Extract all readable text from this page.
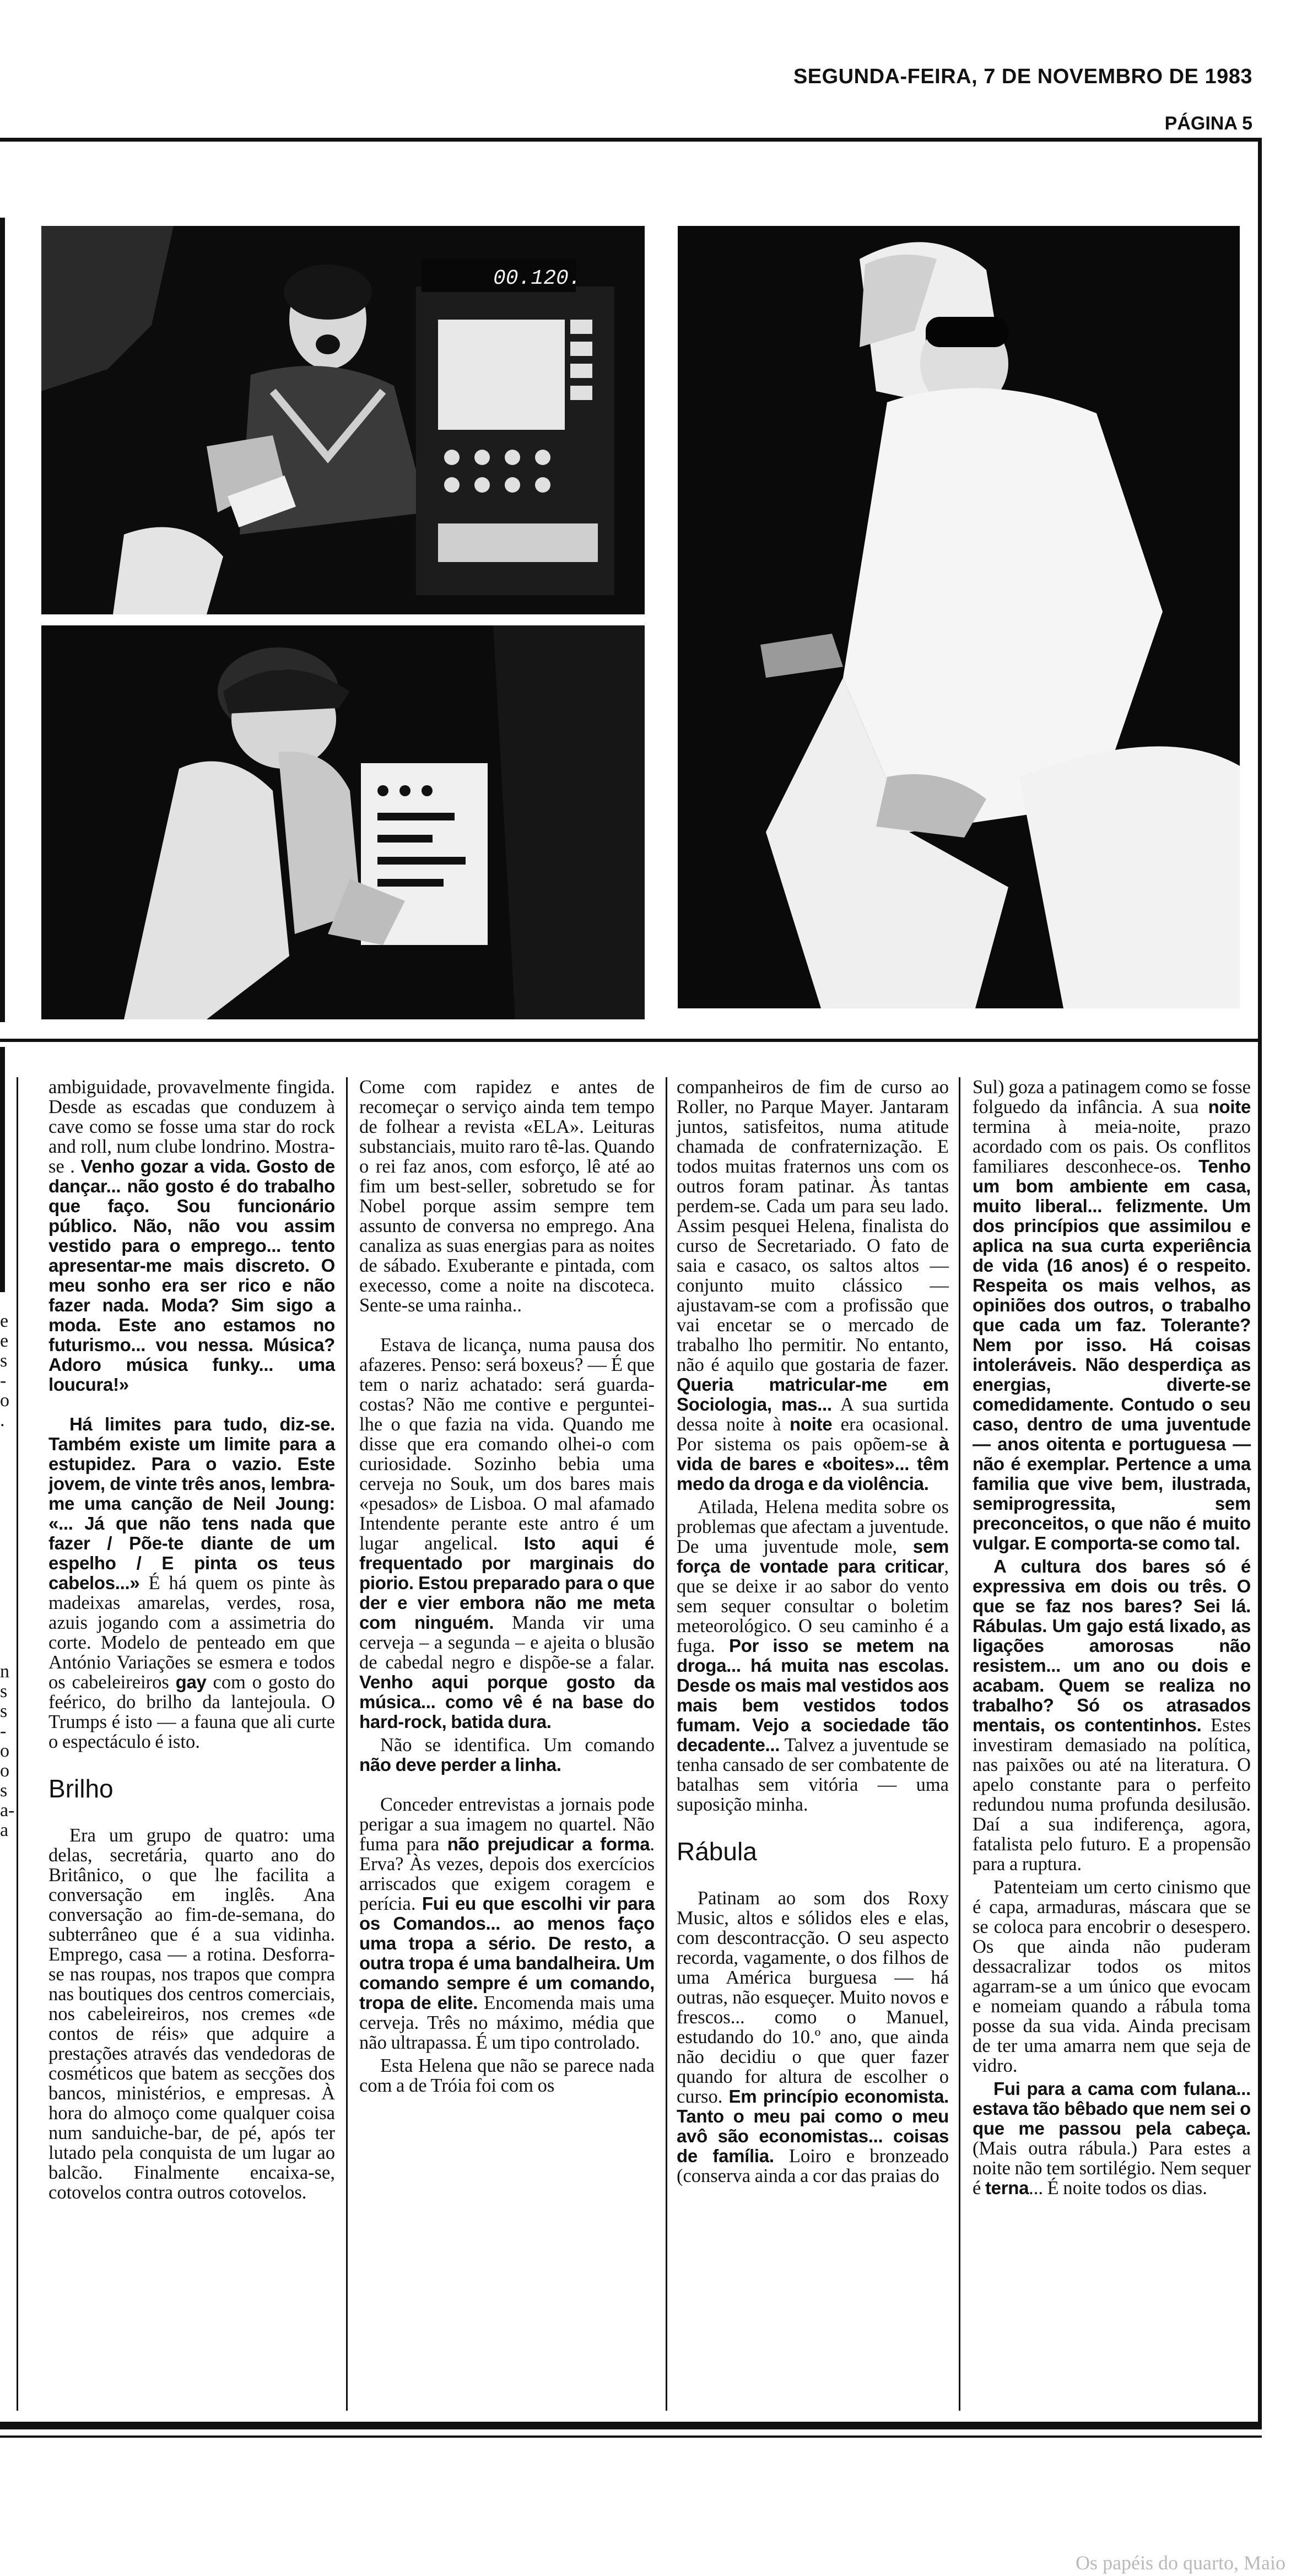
SEGUNDA-FEIRA, 7 DE NOVEMBRO DE 1983
PÁGINA 5
00.120.
e
e
s
-
o
.
n
s
s
-
o
o
s
a-
a

ambiguidade, provavelmente fingida. Desde as escadas que conduzem à cave como se fosse uma star do rock and roll, num clube londrino. Mostra-se . Venho gozar a vida. Gosto de dançar... não gosto é do trabalho que faço. Sou funcionário público. Não, não vou assim vestido para o emprego... tento apresentar-me mais discreto. O meu sonho era ser rico e não fazer nada. Moda? Sim sigo a moda. Este ano estamos no futurismo... vou nessa. Música? Adoro música funky... uma loucura!»

Há limites para tudo, diz-se. Também existe um limite para a estupidez. Para o vazio. Este jovem, de vinte três anos, lembra-me uma canção de Neil Joung: «... Já que não tens nada que fazer / Põe-te diante de um espelho / E pinta os teus cabelos...» É há quem os pinte às madeixas amarelas, verdes, rosa, azuis jogando com a assimetria do corte. Modelo de penteado em que António Variações se esmera e todos os cabeleireiros gay com o gosto do feérico, do brilho da lantejoula. O Trumps é isto — a fauna que ali curte o espectáculo é isto.

Brilho

Era um grupo de quatro: uma delas, secretária, quarto ano do Britânico, o que lhe facilita a conversação em inglês. Ana conversação ao fim-de-semana, do subterrâneo que é a sua vidinha. Emprego, casa — a rotina. Desforra-se nas roupas, nos trapos que compra nas boutiques dos centros comerciais, nos cabeleireiros, nos cremes «de contos de réis» que adquire a prestações através das vendedoras de cosméticos que batem as secções dos bancos, ministérios, e empresas. À hora do almoço come qualquer coisa num sanduiche-bar, de pé, após ter lutado pela conquista de um lugar ao balcão. Finalmente encaixa-se, cotovelos contra outros cotovelos.

Come com rapidez e antes de recomeçar o serviço ainda tem tempo de folhear a revista «ELA». Leituras substanciais, muito raro tê-las. Quando o rei faz anos, com esforço, lê até ao fim um best-seller, sobretudo se for Nobel porque assim sempre tem assunto de conversa no emprego. Ana canaliza as suas energias para as noites de sábado. Exuberante e pintada, com execesso, come a noite na discoteca. Sente-se uma rainha..

Estava de licança, numa pausa dos afazeres. Penso: será boxeus? — É que tem o nariz achatado: será guarda-costas? Não me contive e perguntei-lhe o que fazia na vida. Quando me disse que era comando olhei-o com curiosidade. Sozinho bebia uma cerveja no Souk, um dos bares mais «pesados» de Lisboa. O mal afamado Intendente perante este antro é um lugar angelical. Isto aqui é frequentado por marginais do piorio. Estou preparado para o que der e vier embora não me meta com ninguém. Manda vir uma cerveja – a segunda – e ajeita o blusão de cabedal negro e dispõe-se a falar. Venho aqui porque gosto da música... como vê é na base do hard-rock, batida dura.

Não se identifica. Um comando não deve perder a linha.

Conceder entrevistas a jornais pode perigar a sua imagem no quartel. Não fuma para não prejudicar a forma. Erva? Às vezes, depois dos exercícios arriscados que exigem coragem e perícia. Fui eu que escolhi vir para os Comandos... ao menos faço uma tropa a sério. De resto, a outra tropa é uma bandalheira. Um comando sempre é um comando, tropa de elite. Encomenda mais uma cerveja. Três no máximo, média que não ultrapassa. É um tipo controlado.

Esta Helena que não se parece nada com a de Tróia foi com os

companheiros de fim de curso ao Roller, no Parque Mayer. Jantaram juntos, satisfeitos, numa atitude chamada de confraternização. E todos muitas fraternos uns com os outros foram patinar. Às tantas perdem-se. Cada um para seu lado. Assim pesquei Helena, finalista do curso de Secretariado. O fato de saia e casaco, os saltos altos — conjunto muito clássico — ajustavam-se com a profissão que vai encetar se o mercado de trabalho lho permitir. No entanto, não é aquilo que gostaria de fazer. Queria matricular-me em Sociologia, mas... A sua surtida dessa noite à noite era ocasional. Por sistema os pais opõem-se à vida de bares e «boites»... têm medo da droga e da violência.

Atilada, Helena medita sobre os problemas que afectam a juventude. De uma juventude mole, sem força de vontade para criticar, que se deixe ir ao sabor do vento sem sequer consultar o boletim meteorológico. O seu caminho é a fuga. Por isso se metem na droga... há muita nas escolas. Desde os mais mal vestidos aos mais bem vestidos todos fumam. Vejo a sociedade tão decadente... Talvez a juventude se tenha cansado de ser combatente de batalhas sem vitória — uma suposição minha.

Rábula

Patinam ao som dos Roxy Music, altos e sólidos eles e elas, com descontracção. O seu aspecto recorda, vagamente, o dos filhos de uma América burguesa — há outras, não esqueçer. Muito novos e frescos... como o Manuel, estudando do 10.º ano, que ainda não decidiu o que quer fazer quando for altura de escolher o curso. Em princípio economista. Tanto o meu pai como o meu avô são economistas... coisas de família. Loiro e bronzeado (conserva ainda a cor das praias do

Sul) goza a patinagem como se fosse folguedo da infância. A sua noite termina à meia-noite, prazo acordado com os pais. Os conflitos familiares desconhece-os. Tenho um bom ambiente em casa, muito liberal... felizmente. Um dos princípios que assimilou e aplica na sua curta experiência de vida (16 anos) é o respeito. Respeita os mais velhos, as opiniões dos outros, o trabalho que cada um faz. Tolerante? Nem por isso. Há coisas intoleráveis. Não desperdiça as energias, diverte-se comedidamente. Contudo o seu caso, dentro de uma juventude — anos oitenta e portuguesa — não é exemplar. Pertence a uma familia que vive bem, ilustrada, semiprogressita, sem preconceitos, o que não é muito vulgar. E comporta-se como tal.

A cultura dos bares só é expressiva em dois ou três. O que se faz nos bares? Sei lá. Rábulas. Um gajo está lixado, as ligações amorosas não resistem... um ano ou dois e acabam. Quem se realiza no trabalho? Só os atrasados mentais, os contentinhos. Estes investiram demasiado na política, nas paixões ou até na literatura. O apelo constante para o perfeito redundou numa profunda desilusão. Daí a sua indiferença, agora, fatalista pelo futuro. E a propensão para a ruptura.

Patenteiam um certo cinismo que é capa, armaduras, máscara que se se coloca para encobrir o desespero. Os que ainda não puderam dessacralizar todos os mitos agarram-se a um único que evocam e nomeiam quando a rábula toma posse da sua vida. Ainda precisam de ter uma amarra nem que seja de vidro.

Fui para a cama com fulana... estava tão bêbado que nem sei o que me passou pela cabeça. (Mais outra rábula.) Para estes a noite não tem sortilégio. Nem sequer é terna... É noite todos os dias.

Os papéis do quarto, Maio
